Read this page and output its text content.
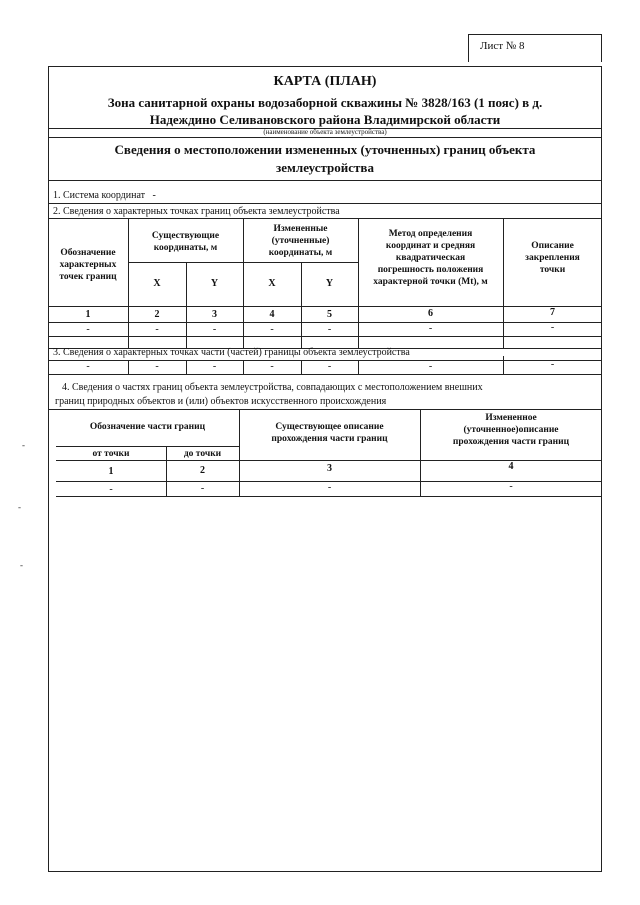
Лист № 8
КАРТА (ПЛАН)
Зона санитарной охраны водозаборной скважины № 3828/163 (1 пояс) в д.
Надеждино Селивановского района Владимирской области
(наименование объекта землеустройства)
Сведения о местоположении измененных (уточненных) границ объекта
землеустройства
1. Система координат -
2. Сведения о характерных точках границ объекта землеустройства
Обозначение
характерных
точек границ
Существующие
координаты, м
Измененные
(уточненные)
координаты, м
Метод определения
координат и средняя
квадратическая
погрешность положения
характерной точки (Mt), м
Описание
закрепления
точки
X	Y	X	Y
1	2	3	4	5	6	7
-	-	-	-	-	-	-
3. Сведения о характерных точках части (частей) границы объекта землеустройства
-	-	-	-	-	-	-
4. Сведения о частях границ объекта землеустройства, совпадающих с местоположением внешних
границ природных объектов и (или) объектов искусственного происхождения
Обозначение части границ
от точки	до точки
Существующее описание
прохождения части границ
Измененное
(уточненное)описание
прохождения части границ
1	2	3	4
-	-	-	-
-
-
-
